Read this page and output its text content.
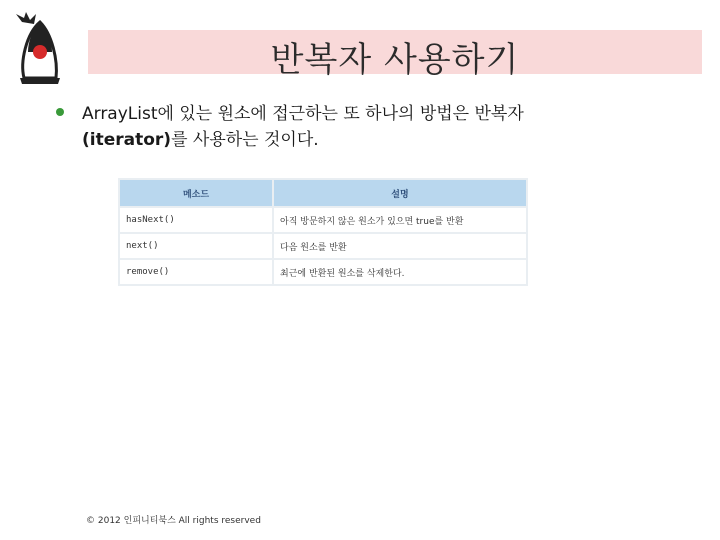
반복자 사용하기
ArrayList에 있는 원소에 접근하는 또 하나의 방법은 반복자
(iterator)를 사용하는 것이다.
메소드	설명
hasNext()	아직 방문하지 않은 원소가 있으면 true를 반환
next()	다음 원소를 반환
remove()	최근에 반환된 원소를 삭제한다.
© 2012 인피니티북스 All rights reserved
